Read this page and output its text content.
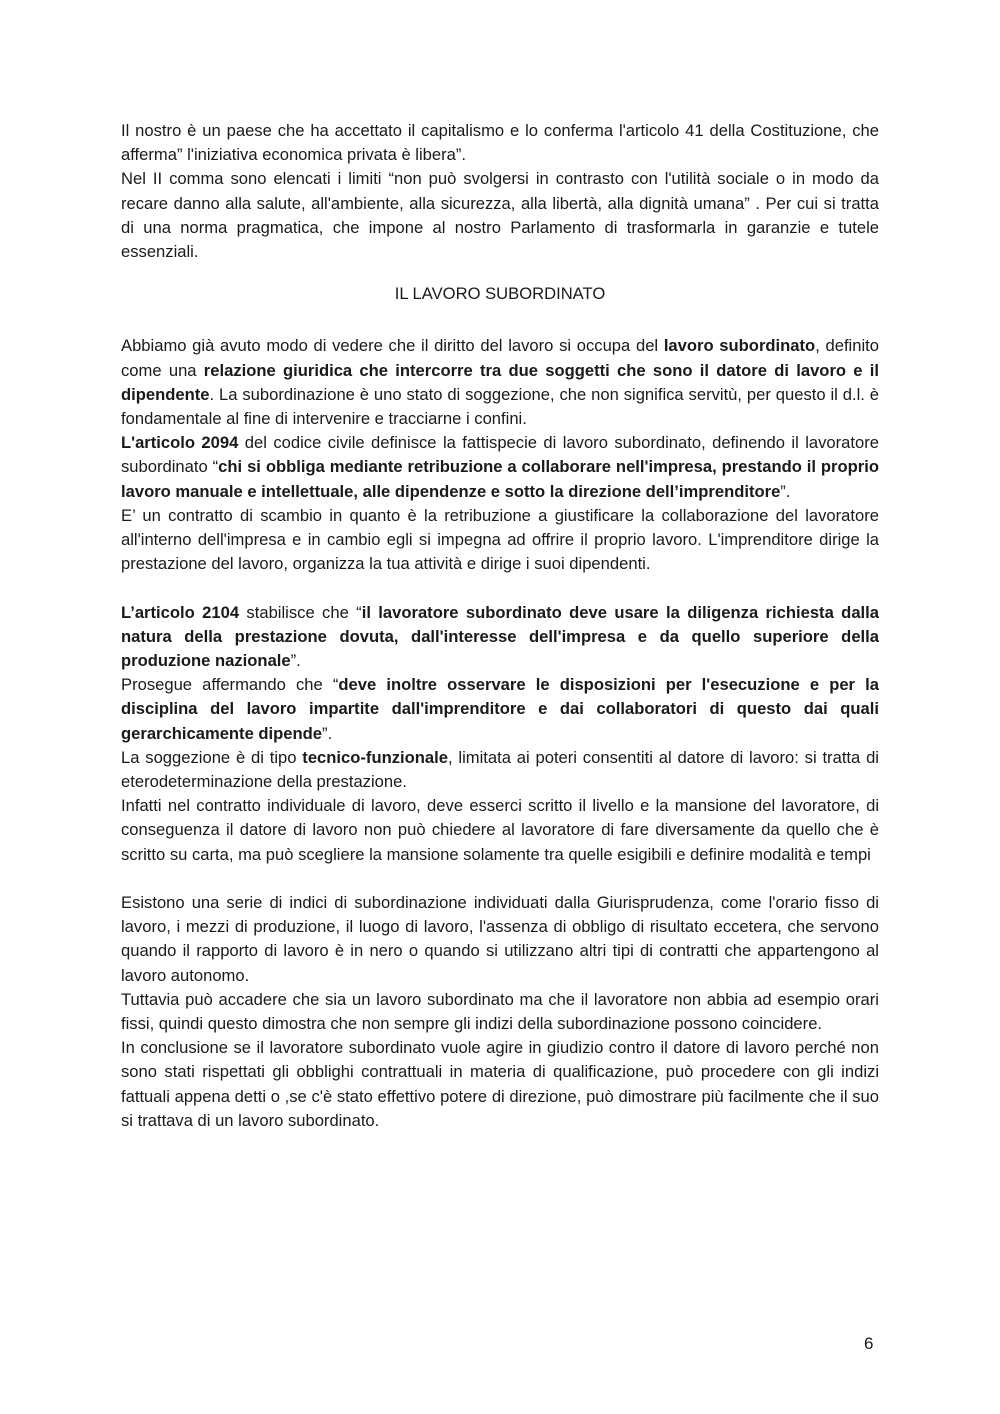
Il nostro è un paese che ha accettato il capitalismo e lo conferma l'articolo 41 della Costituzione, che afferma” l'iniziativa economica privata è libera”.

Nel II comma sono elencati i limiti “non può svolgersi in contrasto con l'utilità sociale o in modo da recare danno alla salute, all'ambiente, alla sicurezza, alla libertà, alla dignità umana” . Per cui si tratta di una norma pragmatica, che impone al nostro Parlamento di trasformarla in garanzie e tutele essenziali.

IL LAVORO SUBORDINATO

Abbiamo già avuto modo di vedere che il diritto del lavoro si occupa del lavoro subordinato, definito come una relazione giuridica che intercorre tra due soggetti che sono il datore di lavoro e il dipendente. La subordinazione è uno stato di soggezione, che non significa servitù, per questo il d.l. è fondamentale al fine di intervenire e tracciarne i confini.

L'articolo 2094 del codice civile definisce la fattispecie di lavoro subordinato, definendo il lavoratore subordinato “chi si obbliga mediante retribuzione a collaborare nell'impresa, prestando il proprio lavoro manuale e intellettuale, alle dipendenze e sotto la direzione dell’imprenditore”.

E’ un contratto di scambio in quanto è la retribuzione a giustificare la collaborazione del lavoratore all'interno dell'impresa e in cambio egli si impegna ad offrire il proprio lavoro. L'imprenditore dirige la prestazione del lavoro, organizza la tua attività e dirige i suoi dipendenti.

L’articolo 2104 stabilisce che “il lavoratore subordinato deve usare la diligenza richiesta dalla natura della prestazione dovuta, dall'interesse dell'impresa e da quello superiore della produzione nazionale”.

Prosegue affermando che “deve inoltre osservare le disposizioni per l'esecuzione e per la disciplina del lavoro impartite dall'imprenditore e dai collaboratori di questo dai quali gerarchicamente dipende”.

La soggezione è di tipo tecnico-funzionale, limitata ai poteri consentiti al datore di lavoro: si tratta di eterodeterminazione della prestazione.

Infatti nel contratto individuale di lavoro, deve esserci scritto il livello e la mansione del lavoratore, di conseguenza il datore di lavoro non può chiedere al lavoratore di fare diversamente da quello che è scritto su carta, ma può scegliere la mansione solamente tra quelle esigibili e definire modalità e tempi

Esistono una serie di indici di subordinazione individuati dalla Giurisprudenza, come l'orario fisso di lavoro, i mezzi di produzione, il luogo di lavoro, l'assenza di obbligo di risultato eccetera, che servono quando il rapporto di lavoro è in nero o quando si utilizzano altri tipi di contratti che appartengono al lavoro autonomo.

Tuttavia può accadere che sia un lavoro subordinato ma che il lavoratore non abbia ad esempio orari fissi, quindi questo dimostra che non sempre gli indizi della subordinazione possono coincidere.

In conclusione se il lavoratore subordinato vuole agire in giudizio contro il datore di lavoro perché non sono stati rispettati gli obblighi contrattuali in materia di qualificazione, può procedere con gli indizi fattuali appena detti o ,se c'è stato effettivo potere di direzione, può dimostrare più facilmente che il suo si trattava di un lavoro subordinato.

6
